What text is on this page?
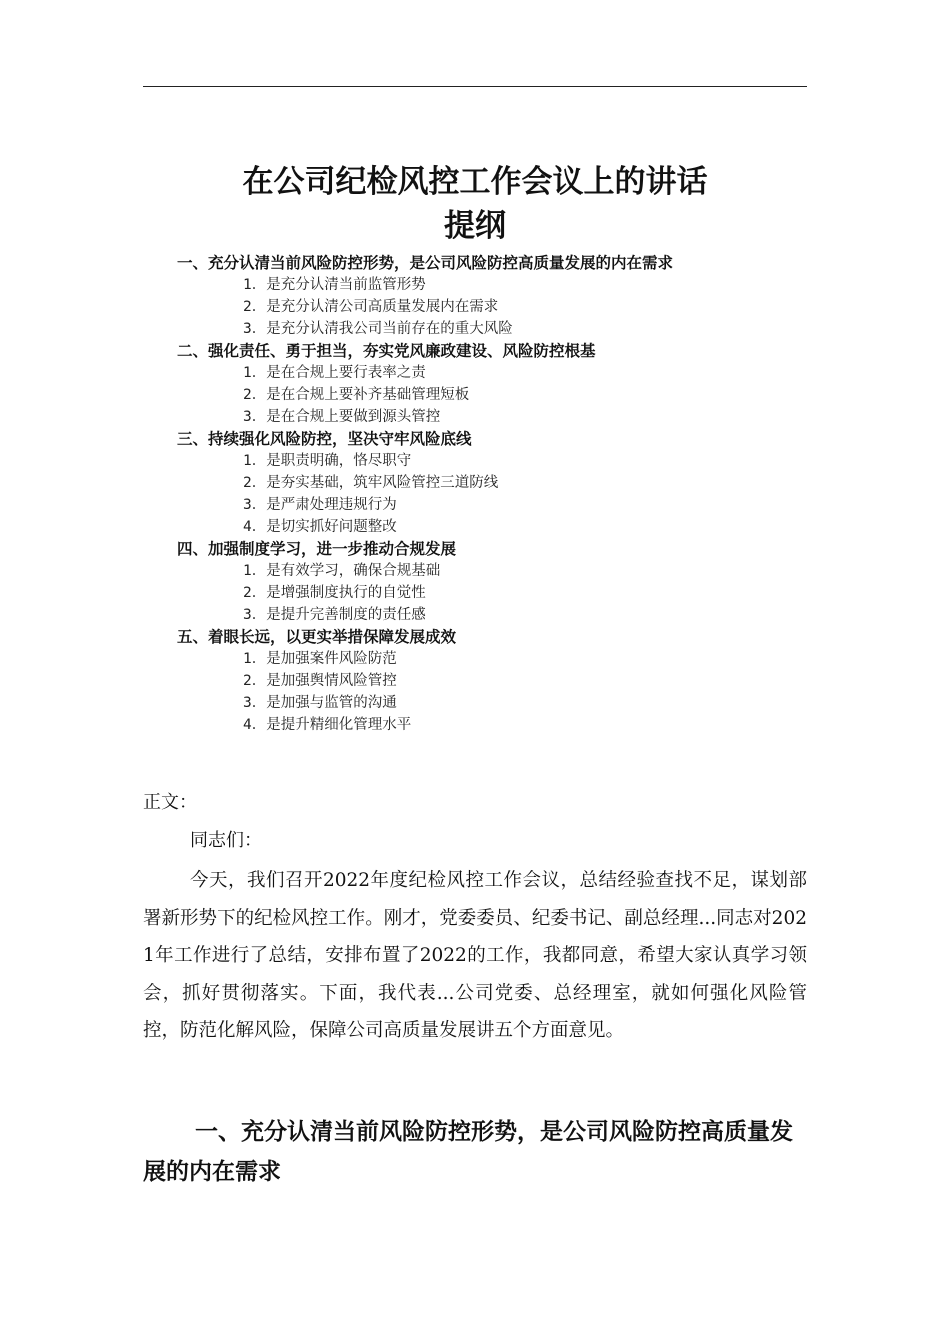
在公司纪检风控工作会议上的讲话
提纲
一、充分认清当前风险防控形势，是公司风险防控高质量发展的内在需求
1．是充分认清当前监管形势
2．是充分认清公司高质量发展内在需求
3．是充分认清我公司当前存在的重大风险
二、强化责任、勇于担当，夯实党风廉政建设、风险防控根基
1．是在合规上要行表率之责
2．是在合规上要补齐基础管理短板
3．是在合规上要做到源头管控
三、持续强化风险防控，坚决守牢风险底线
1．是职责明确，恪尽职守
2．是夯实基础，筑牢风险管控三道防线
3．是严肃处理违规行为
4．是切实抓好问题整改
四、加强制度学习，进一步推动合规发展
1．是有效学习，确保合规基础
2．是增强制度执行的自觉性
3．是提升完善制度的责任感
五、着眼长远，以更实举措保障发展成效
1．是加强案件风险防范
2．是加强舆情风险管控
3．是加强与监管的沟通
4．是提升精细化管理水平
正文：
同志们：

今天，我们召开2022年度纪检风控工作会议，总结经验查找不足，谋划部署新形势下的纪检风控工作。刚才，党委委员、纪委书记、副总经理...同志对2021年工作进行了总结，安排布置了2022的工作，我都同意，希望大家认真学习领会，抓好贯彻落实。下面，我代表...公司党委、总经理室，就如何强化风险管控，防范化解风险，保障公司高质量发展讲五个方面意见。

一、充分认清当前风险防控形势，是公司风险防控高质量发展的内在需求
